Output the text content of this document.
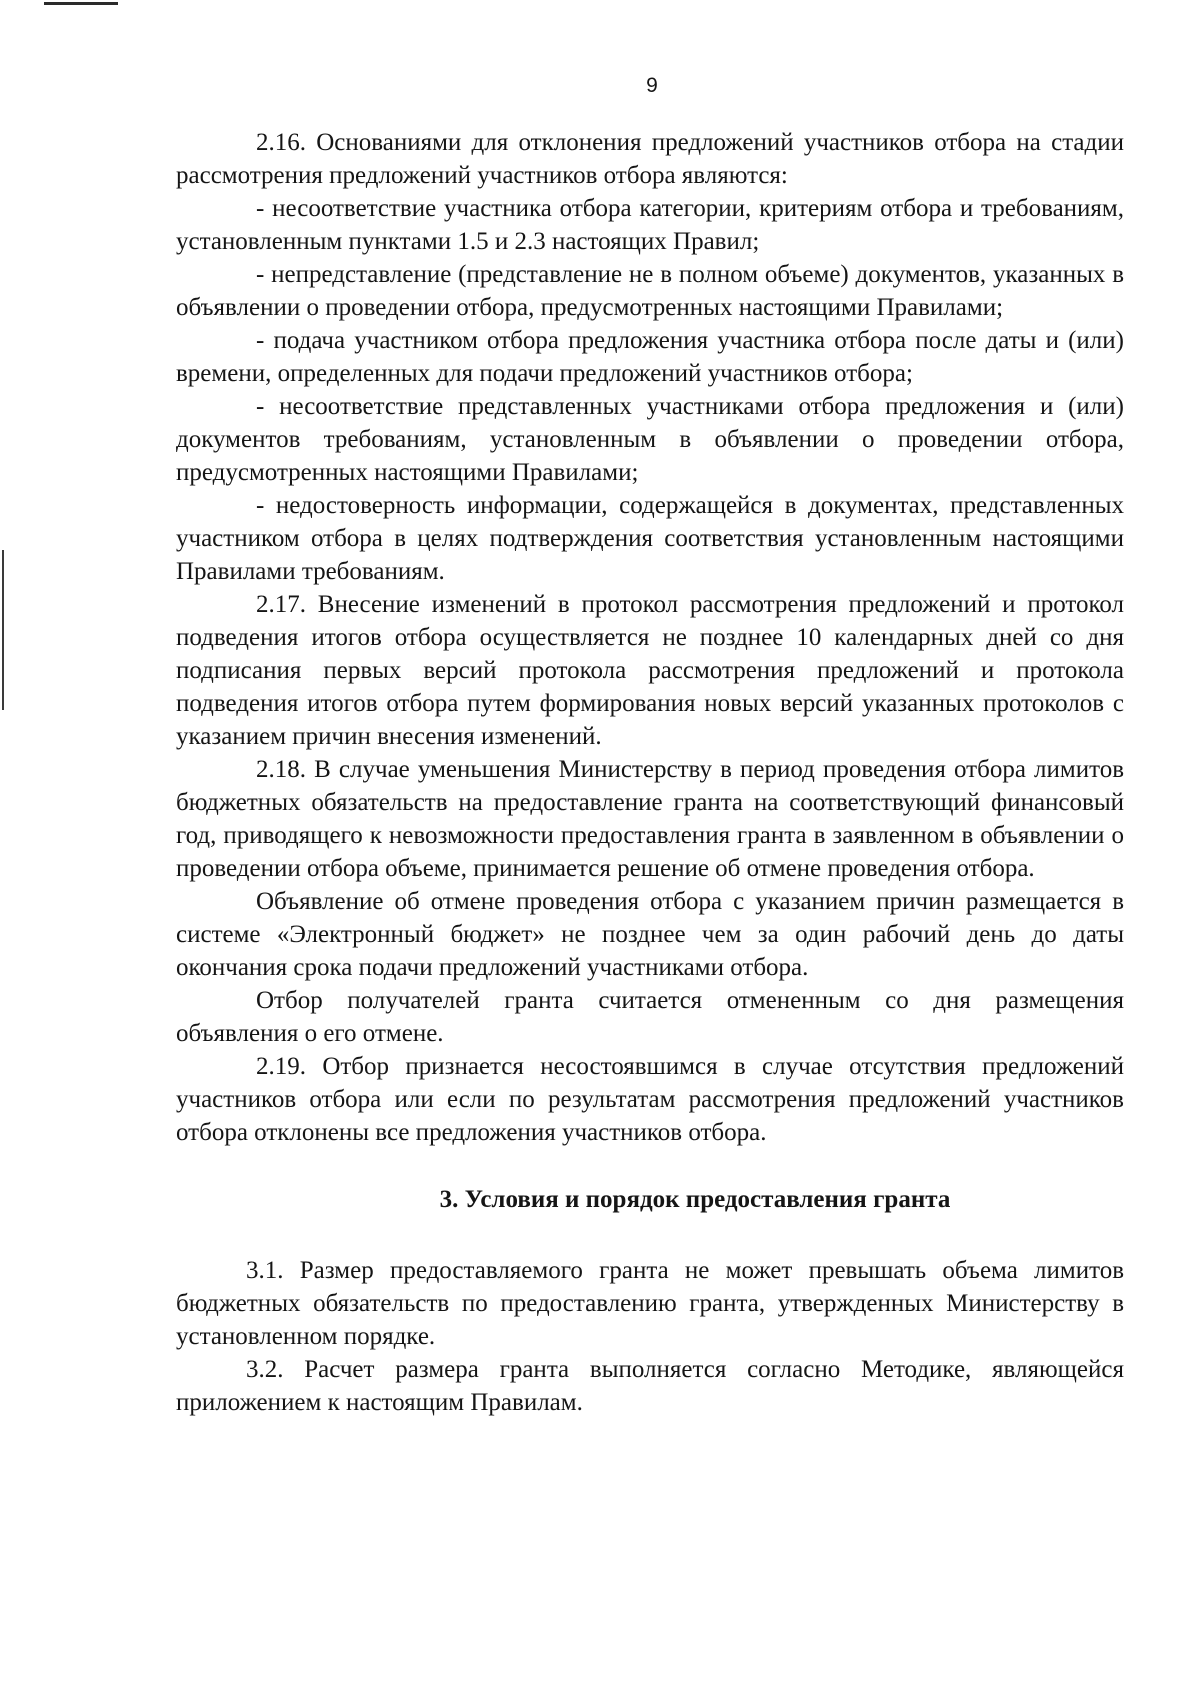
9

2.16. Основаниями для отклонения предложений участников отбора на стадии рассмотрения предложений участников отбора являются:

- несоответствие участника отбора категории, критериям отбора и требованиям, установленным пунктами 1.5 и 2.3 настоящих Правил;

- непредставление (представление не в полном объеме) документов, указанных в объявлении о проведении отбора, предусмотренных настоящими Правилами;

- подача участником отбора предложения участника отбора после даты и (или) времени, определенных для подачи предложений участников отбора;

- несоответствие представленных участниками отбора предложения и (или) документов требованиям, установленным в объявлении о проведении отбора, предусмотренных настоящими Правилами;

- недостоверность информации, содержащейся в документах, представленных участником отбора в целях подтверждения соответствия установленным настоящими Правилами требованиям.

2.17. Внесение изменений в протокол рассмотрения предложений и протокол подведения итогов отбора осуществляется не позднее 10 календарных дней со дня подписания первых версий протокола рассмотрения предложений и протокола подведения итогов отбора путем формирования новых версий указанных протоколов с указанием причин внесения изменений.

2.18. В случае уменьшения Министерству в период проведения отбора лимитов бюджетных обязательств на предоставление гранта на соответствующий финансовый год, приводящего к невозможности предоставления гранта в заявленном в объявлении о проведении отбора объеме, принимается решение об отмене проведения отбора.

Объявление об отмене проведения отбора с указанием причин размещается в системе «Электронный бюджет» не позднее чем за один рабочий день до даты окончания срока подачи предложений участниками отбора.

Отбор получателей гранта считается отмененным со дня размещения объявления о его отмене.

2.19. Отбор признается несостоявшимся в случае отсутствия предложений участников отбора или если по результатам рассмотрения предложений участников отбора отклонены все предложения участников отбора.

3. Условия и порядок предоставления гранта

3.1. Размер предоставляемого гранта не может превышать объема лимитов бюджетных обязательств по предоставлению гранта, утвержденных Министерству в установленном порядке.

3.2. Расчет размера гранта выполняется согласно Методике, являющейся приложением к настоящим Правилам.
